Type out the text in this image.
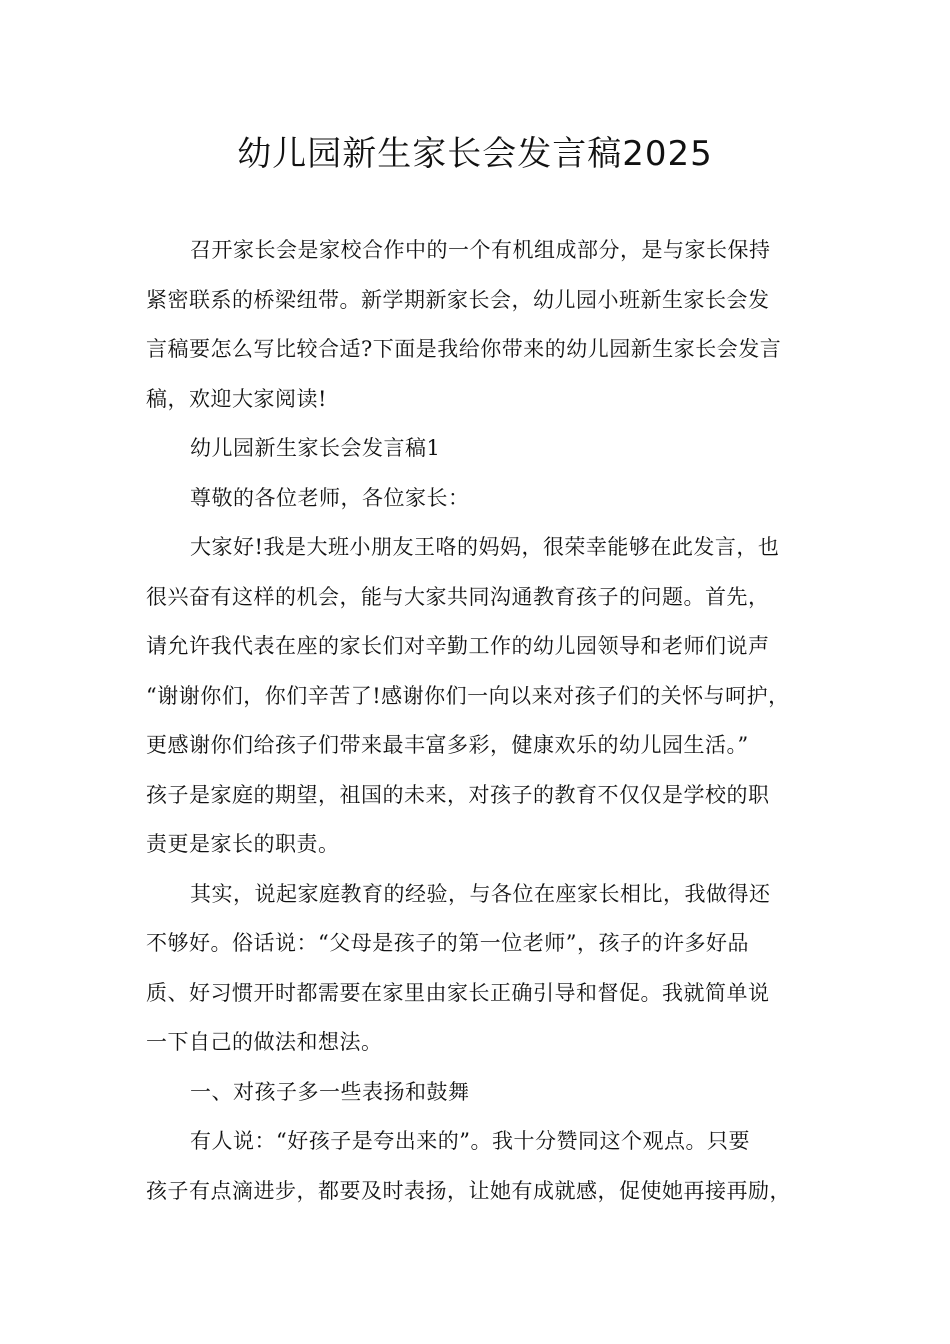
幼儿园新生家长会发言稿2025

召开家长会是家校合作中的一个有机组成部分，是与家长保持
紧密联系的桥梁纽带。新学期新家长会，幼儿园小班新生家长会发
言稿要怎么写比较合适?下面是我给你带来的幼儿园新生家长会发言
稿，欢迎大家阅读!

幼儿园新生家长会发言稿1

尊敬的各位老师，各位家长：

大家好!我是大班小朋友王咯的妈妈，很荣幸能够在此发言，也
很兴奋有这样的机会，能与大家共同沟通教育孩子的问题。首先，
请允许我代表在座的家长们对辛勤工作的幼儿园领导和老师们说声
“谢谢你们，你们辛苦了!感谢你们一向以来对孩子们的关怀与呵护，
更感谢你们给孩子们带来最丰富多彩，健康欢乐的幼儿园生活。”
孩子是家庭的期望，祖国的未来，对孩子的教育不仅仅是学校的职
责更是家长的职责。

其实，说起家庭教育的经验，与各位在座家长相比，我做得还
不够好。俗话说：“父母是孩子的第一位老师”，孩子的许多好品
质、好习惯开时都需要在家里由家长正确引导和督促。我就简单说
一下自己的做法和想法。

一、对孩子多一些表扬和鼓舞

有人说：“好孩子是夸出来的”。我十分赞同这个观点。只要
孩子有点滴进步，都要及时表扬，让她有成就感，促使她再接再励，
